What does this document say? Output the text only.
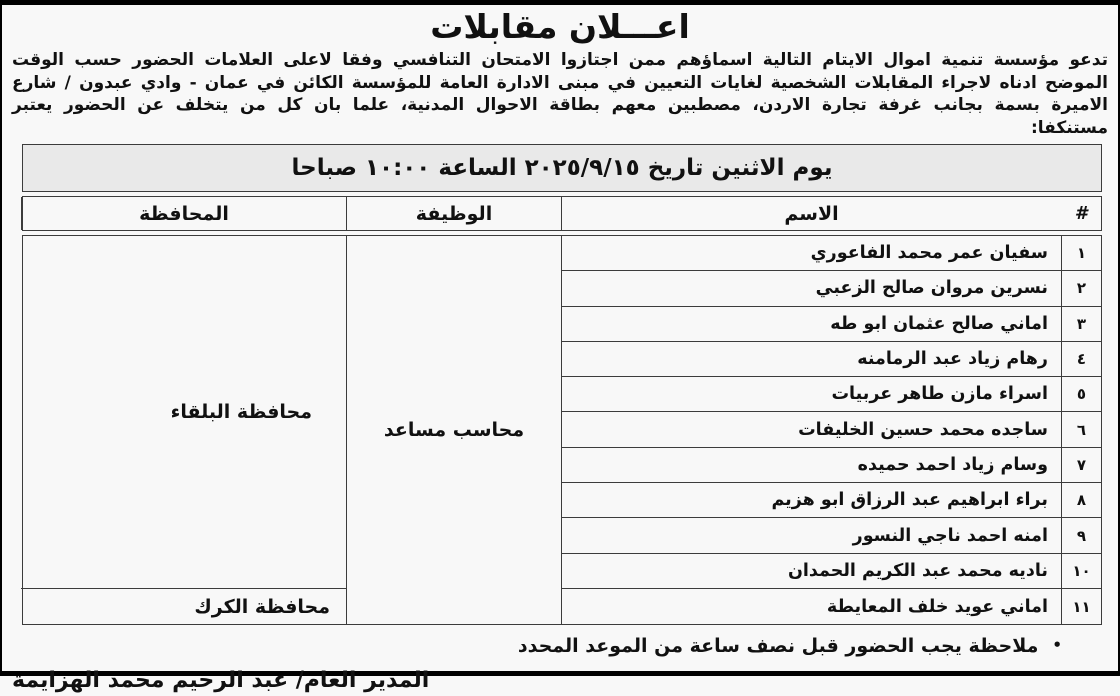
اعـــلان مقابلات
تدعو مؤسسة تنمية اموال الايتام التالية اسماؤهم ممن اجتازوا الامتحان التنافسي وفقا لاعلى العلامات الحضور حسب الوقت
الموضح ادناه لاجراء المقابلات الشخصية لغايات التعيين في مبنى الادارة العامة للمؤسسة الكائن في عمان - وادي عبدون / شارع
الاميرة بسمة بجانب غرفة تجارة الاردن، مصطبين معهم بطاقة الاحوال المدنية، علما بان كل من يتخلف عن الحضور يعتبر مستنكفا:
يوم الاثنين تاريخ ٢٠٢٥/٩/١٥ الساعة ١٠:٠٠ صباحا
#
الاسم
الوظيفة
المحافظة
١
سفيان عمر محمد الفاعوري
٢
نسرين مروان صالح الزعبي
٣
اماني صالح عثمان ابو طه
٤
رهام زياد عبد الرمامنه
٥
اسراء مازن طاهر عربيات
٦
ساجده محمد حسين الخليفات
٧
وسام زياد احمد حميده
٨
براء ابراهيم عبد الرزاق ابو هزيم
٩
امنه احمد ناجي النسور
١٠
ناديه محمد عبد الكريم الحمدان
١١
اماني عويد خلف المعايطة
محاسب مساعد
محافظة البلقاء
محافظة الكرك
•ملاحظة يجب الحضور قبل نصف ساعة من الموعد المحدد
المدير العام/ عبد الرحيم محمد الهزايمة
